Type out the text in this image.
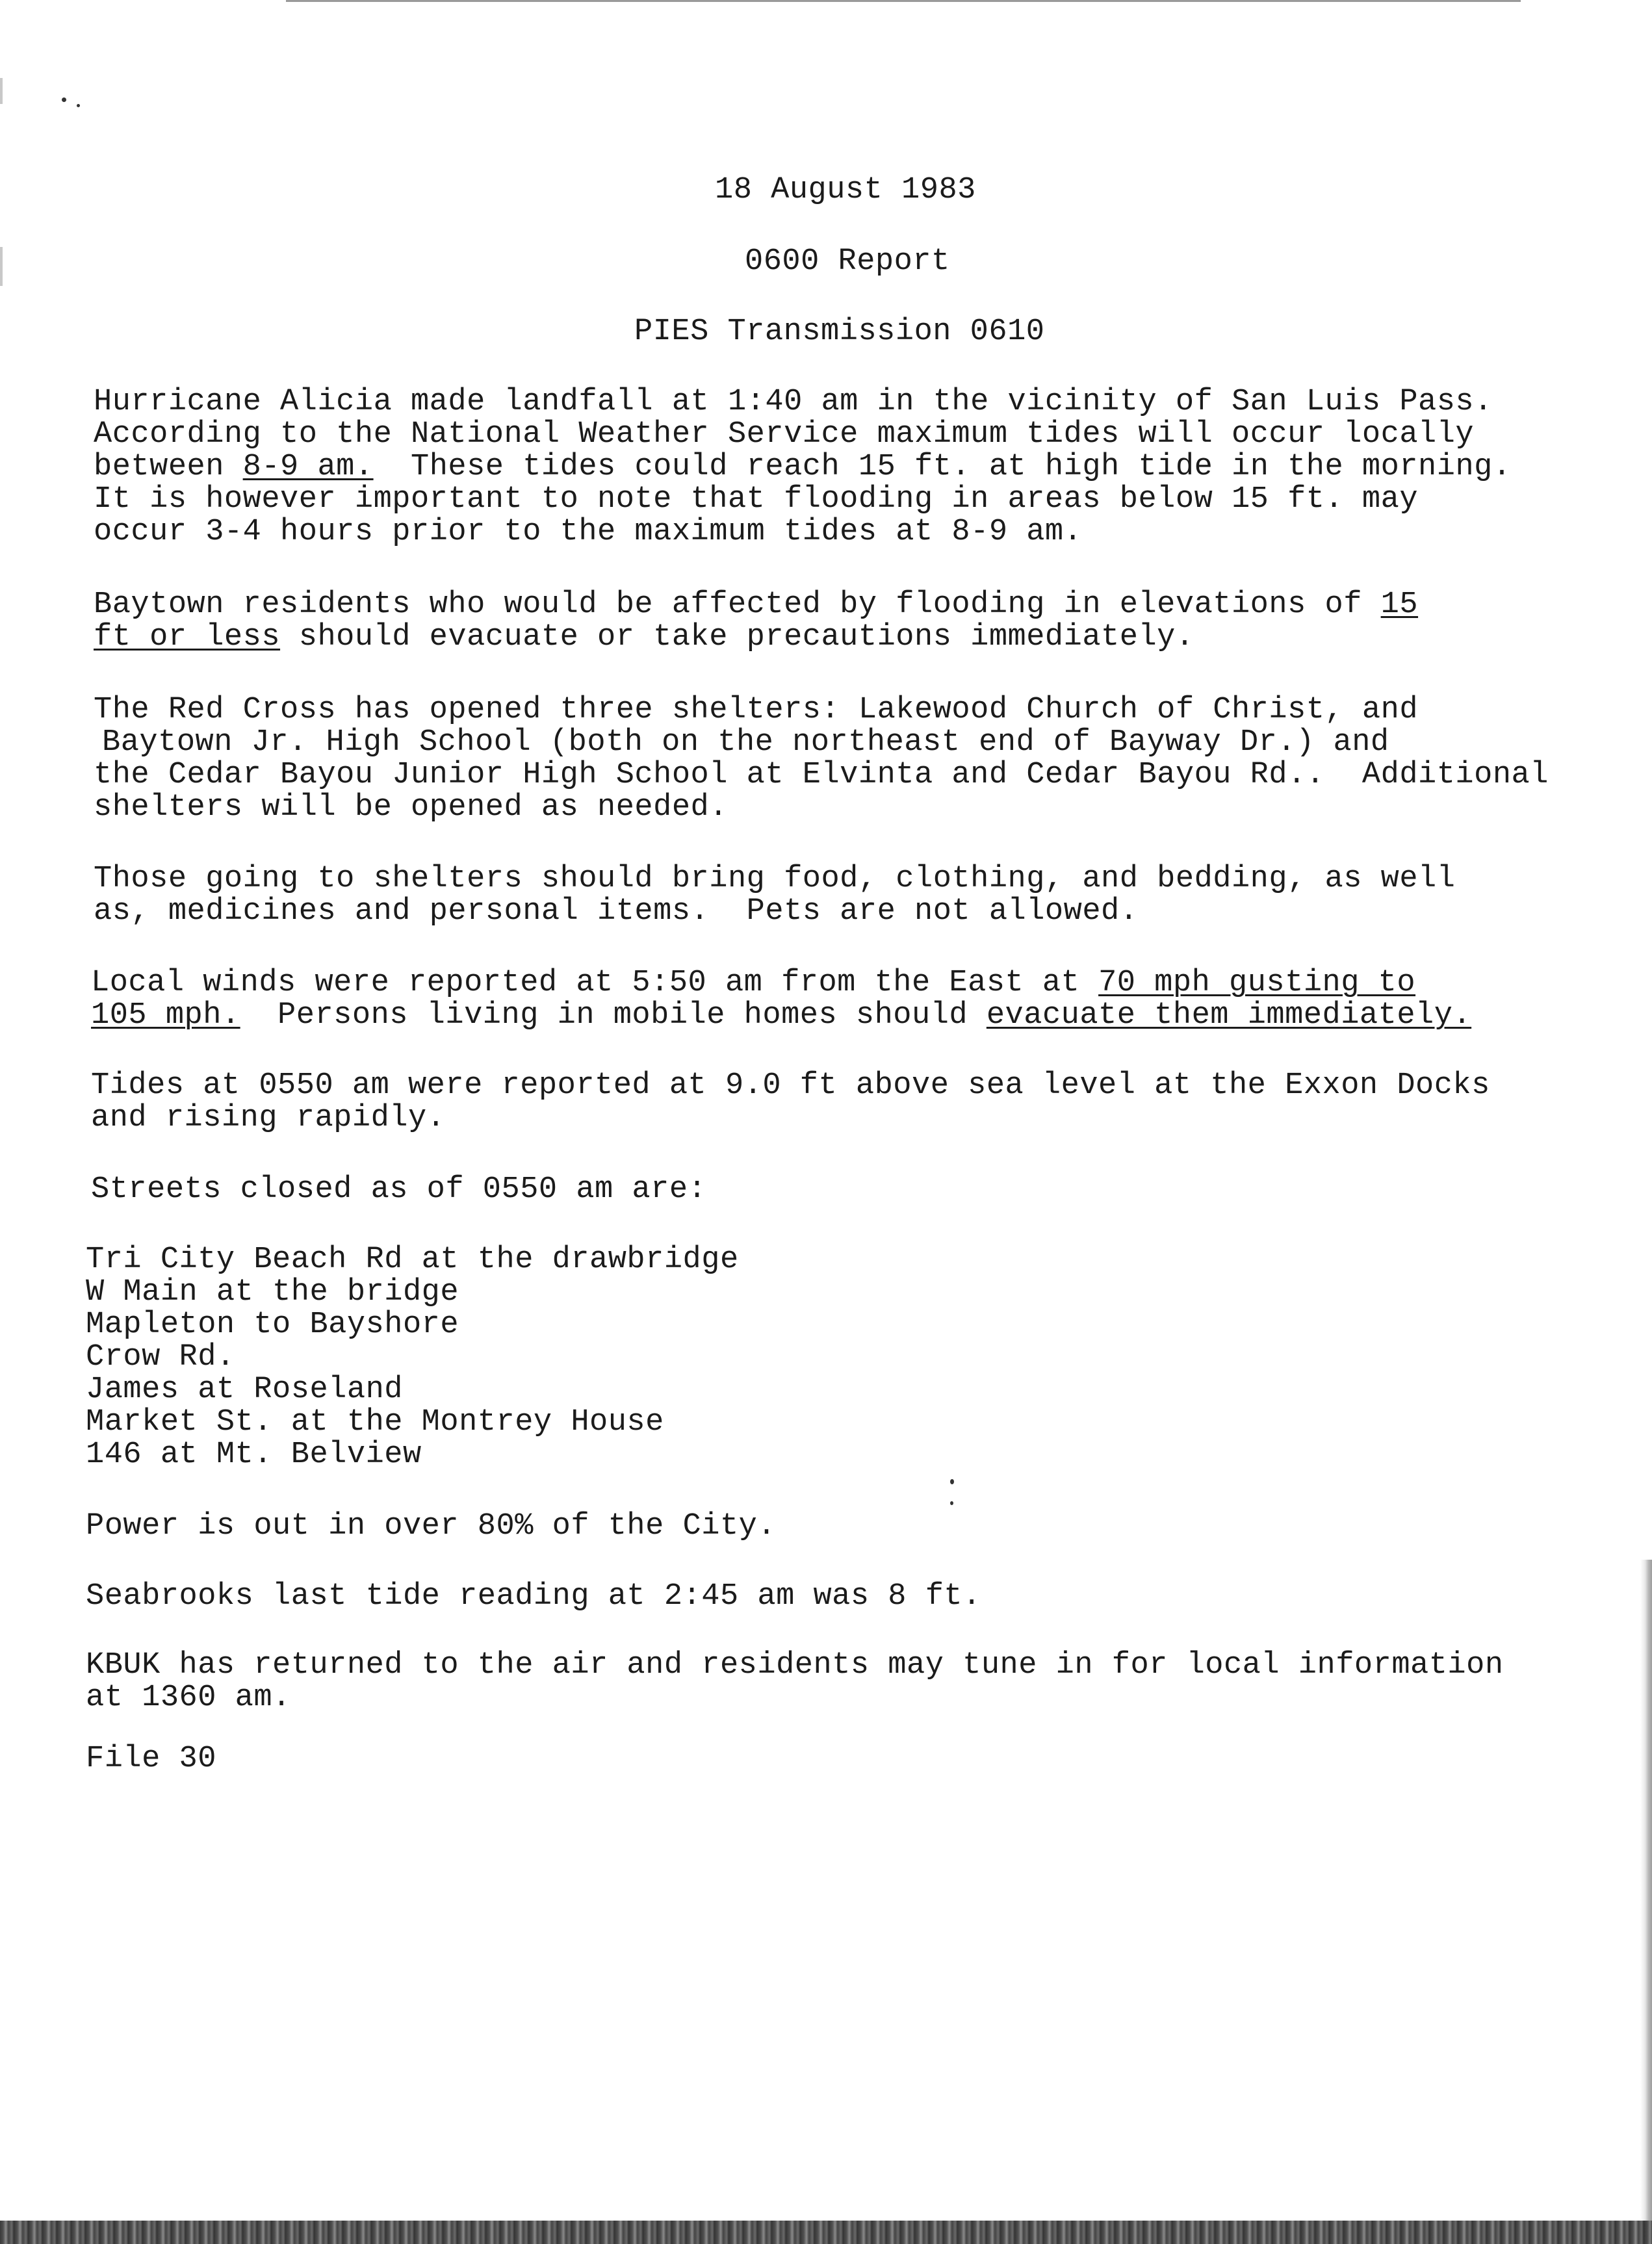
18 August 1983

0600 Report

PIES Transmission 0610

Hurricane Alicia made landfall at 1:40 am in the vicinity of San Luis Pass.

According to the National Weather Service maximum tides will occur locally

between 8-9 am.  These tides could reach 15 ft. at high tide in the morning.

It is however important to note that flooding in areas below 15 ft. may

occur 3-4 hours prior to the maximum tides at 8-9 am.

Baytown residents who would be affected by flooding in elevations of 15

ft or less should evacuate or take precautions immediately.

The Red Cross has opened three shelters: Lakewood Church of Christ, and

Baytown Jr. High School (both on the northeast end of Bayway Dr.) and

the Cedar Bayou Junior High School at Elvinta and Cedar Bayou Rd..  Additional

shelters will be opened as needed.

Those going to shelters should bring food, clothing, and bedding, as well

as, medicines and personal items.  Pets are not allowed.

Local winds were reported at 5:50 am from the East at 70 mph gusting to

105 mph.  Persons living in mobile homes should evacuate them immediately.

Tides at 0550 am were reported at 9.0 ft above sea level at the Exxon Docks

and rising rapidly.

Streets closed as of 0550 am are:

Tri City Beach Rd at the drawbridge

W Main at the bridge

Mapleton to Bayshore

Crow Rd.

James at Roseland

Market St. at the Montrey House

146 at Mt. Belview

Power is out in over 80% of the City.

Seabrooks last tide reading at 2:45 am was 8 ft.

KBUK has returned to the air and residents may tune in for local information

at 1360 am.

File 30
